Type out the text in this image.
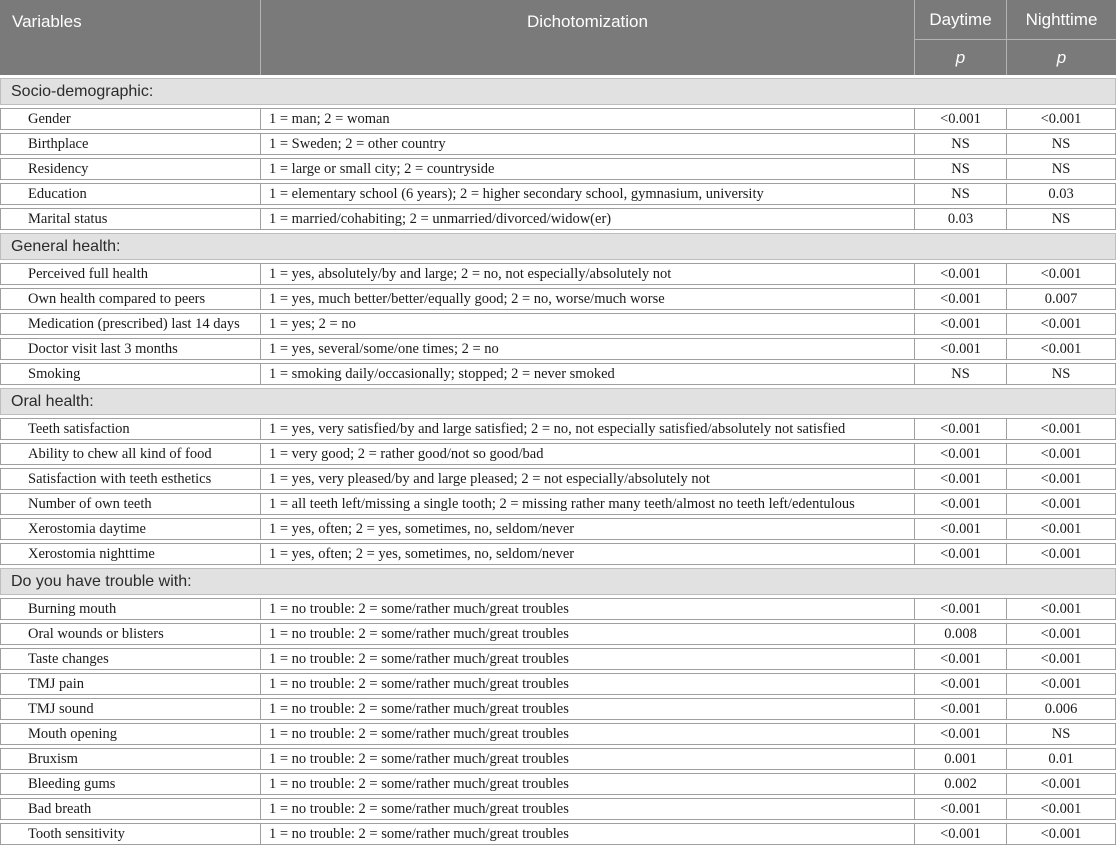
Variables	Dichotomization	Daytime	Nighttime
p	p
Socio-demographic:
Gender	1 = man; 2 = woman	<0.001	<0.001
Birthplace	1 = Sweden; 2 = other country	NS	NS
Residency	1 = large or small city; 2 = countryside	NS	NS
Education	1 = elementary school (6 years); 2 = higher secondary school, gymnasium, university	NS	0.03
Marital status	1 = married/cohabiting; 2 = unmarried/divorced/widow(er)	0.03	NS
General health:
Perceived full health	1 = yes, absolutely/by and large; 2 = no, not especially/absolutely not	<0.001	<0.001
Own health compared to peers	1 = yes, much better/better/equally good; 2 = no, worse/much worse	<0.001	0.007
Medication (prescribed) last 14 days	1 = yes; 2 = no	<0.001	<0.001
Doctor visit last 3 months	1 = yes, several/some/one times; 2 = no	<0.001	<0.001
Smoking	1 = smoking daily/occasionally; stopped; 2 = never smoked	NS	NS
Oral health:
Teeth satisfaction	1 = yes, very satisfied/by and large satisfied; 2 = no, not especially satisfied/absolutely not satisfied	<0.001	<0.001
Ability to chew all kind of food	1 = very good; 2 = rather good/not so good/bad	<0.001	<0.001
Satisfaction with teeth esthetics	1 = yes, very pleased/by and large pleased; 2 = not especially/absolutely not	<0.001	<0.001
Number of own teeth	1 = all teeth left/missing a single tooth; 2 = missing rather many teeth/almost no teeth left/edentulous	<0.001	<0.001
Xerostomia daytime	1 = yes, often; 2 = yes, sometimes, no, seldom/never	<0.001	<0.001
Xerostomia nighttime	1 = yes, often; 2 = yes, sometimes, no, seldom/never	<0.001	<0.001
Do you have trouble with:
Burning mouth	1 = no trouble: 2 = some/rather much/great troubles	<0.001	<0.001
Oral wounds or blisters	1 = no trouble: 2 = some/rather much/great troubles	0.008	<0.001
Taste changes	1 = no trouble: 2 = some/rather much/great troubles	<0.001	<0.001
TMJ pain	1 = no trouble: 2 = some/rather much/great troubles	<0.001	<0.001
TMJ sound	1 = no trouble: 2 = some/rather much/great troubles	<0.001	0.006
Mouth opening	1 = no trouble: 2 = some/rather much/great troubles	<0.001	NS
Bruxism	1 = no trouble: 2 = some/rather much/great troubles	0.001	0.01
Bleeding gums	1 = no trouble: 2 = some/rather much/great troubles	0.002	<0.001
Bad breath	1 = no trouble: 2 = some/rather much/great troubles	<0.001	<0.001
Tooth sensitivity	1 = no trouble: 2 = some/rather much/great troubles	<0.001	<0.001
